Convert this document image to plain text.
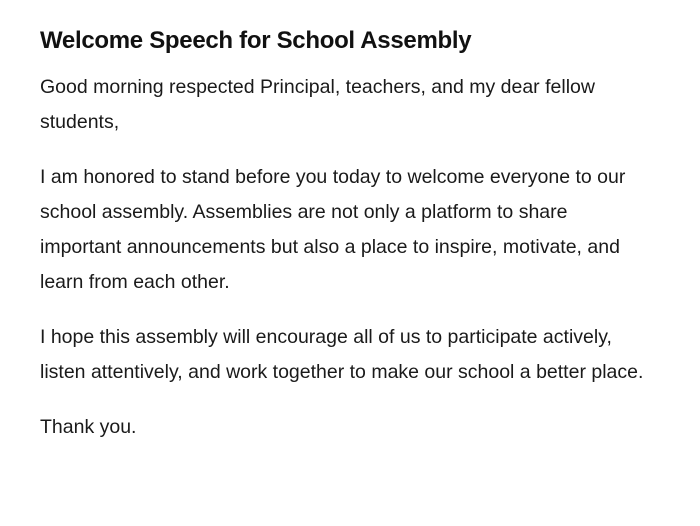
Welcome Speech for School Assembly

Good morning respected Principal, teachers, and my dear fellow students,

I am honored to stand before you today to welcome everyone to our school assembly. Assemblies are not only a platform to share important announcements but also a place to inspire, motivate, and learn from each other.

I hope this assembly will encourage all of us to participate actively, listen attentively, and work together to make our school a better place.

Thank you.
